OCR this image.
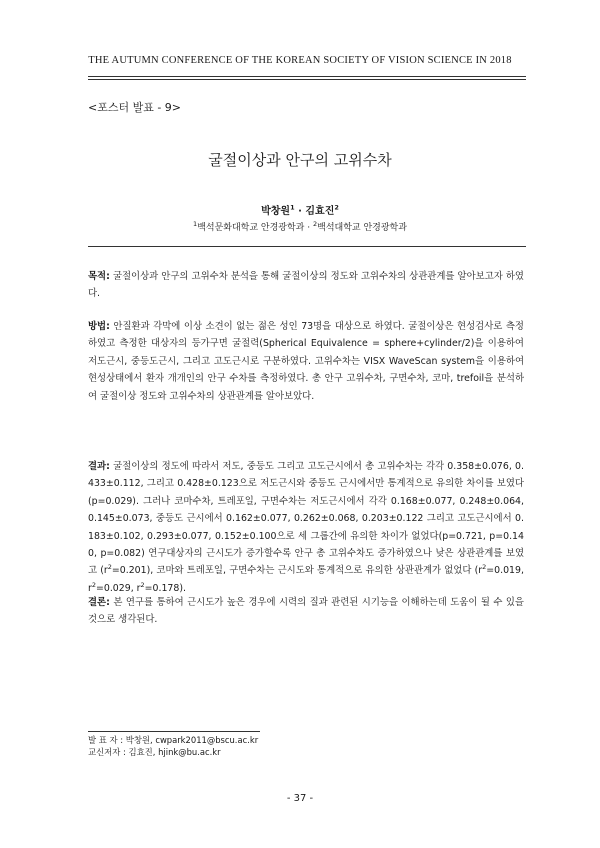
THE AUTUMN CONFERENCE OF THE KOREAN SOCIETY OF VISION SCIENCE IN 2018
<포스터 발표 - 9>
굴절이상과 안구의 고위수차
박창원$^1$ · 김효진$^2$
$^1$백석문화대학교 안경광학과 · $^2$백석대학교 안경광학과
목적: 굴절이상과 안구의 고위수차 분석을 통해 굴절이상의 정도와 고위수차의 상관관계를 알아보고자 하였다.
방법: 안질환과 각막에 이상 소견이 없는 젊은 성인 73명을 대상으로 하였다. 굴절이상은 현성검사로 측정하였고 측정한 대상자의 등가구면 굴절력(Spherical Equivalence = sphere+cylinder/2)을 이용하여 저도근시, 중등도근시, 그리고 고도근시로 구분하였다. 고위수차는 VISX WaveScan system을 이용하여 현성상태에서 환자 개개인의 안구 수차를 측정하였다. 총 안구 고위수차, 구면수차, 코마, trefoil을 분석하여 굴절이상 정도와 고위수차의 상관관계를 알아보았다.
결과: 굴절이상의 정도에 따라서 저도, 중등도 그리고 고도근시에서 총 고위수차는 각각 0.358±0.076, 0.433±0.112, 그리고 0.428±0.123으로 저도근시와 중등도 근시에서만 통계적으로 유의한 차이를 보였다(p=0.029). 그러나 코마수차, 트레포일, 구면수차는 저도근시에서 각각 0.168±0.077, 0.248±0.064, 0.145±0.073, 중등도 근시에서 0.162±0.077, 0.262±0.068, 0.203±0.122 그리고 고도근시에서 0.183±0.102, 0.293±0.077, 0.152±0.100으로 세 그룹간에 유의한 차이가 없었다(p=0.721, p=0.140, p=0.082) 연구대상자의 근시도가 증가할수록 안구 총 고위수차도 증가하였으나 낮은 상관관계를 보였고 $(r^2=0.201)$, 코마와 트레포일, 구면수차는 근시도와 통계적으로 유의한 상관관계가 없었다 ($r^2=0.019$, $r^2=0.029$, $r^2=0.178$).
결론: 본 연구를 통하여 근시도가 높은 경우에 시력의 질과 관련된 시기능을 이해하는데 도움이 될 수 있을 것으로 생각된다.
발 표 자 : 박창원, cwpark2011@bscu.ac.kr
교신저자 : 김효진, hjink@bu.ac.kr
- 37 -
